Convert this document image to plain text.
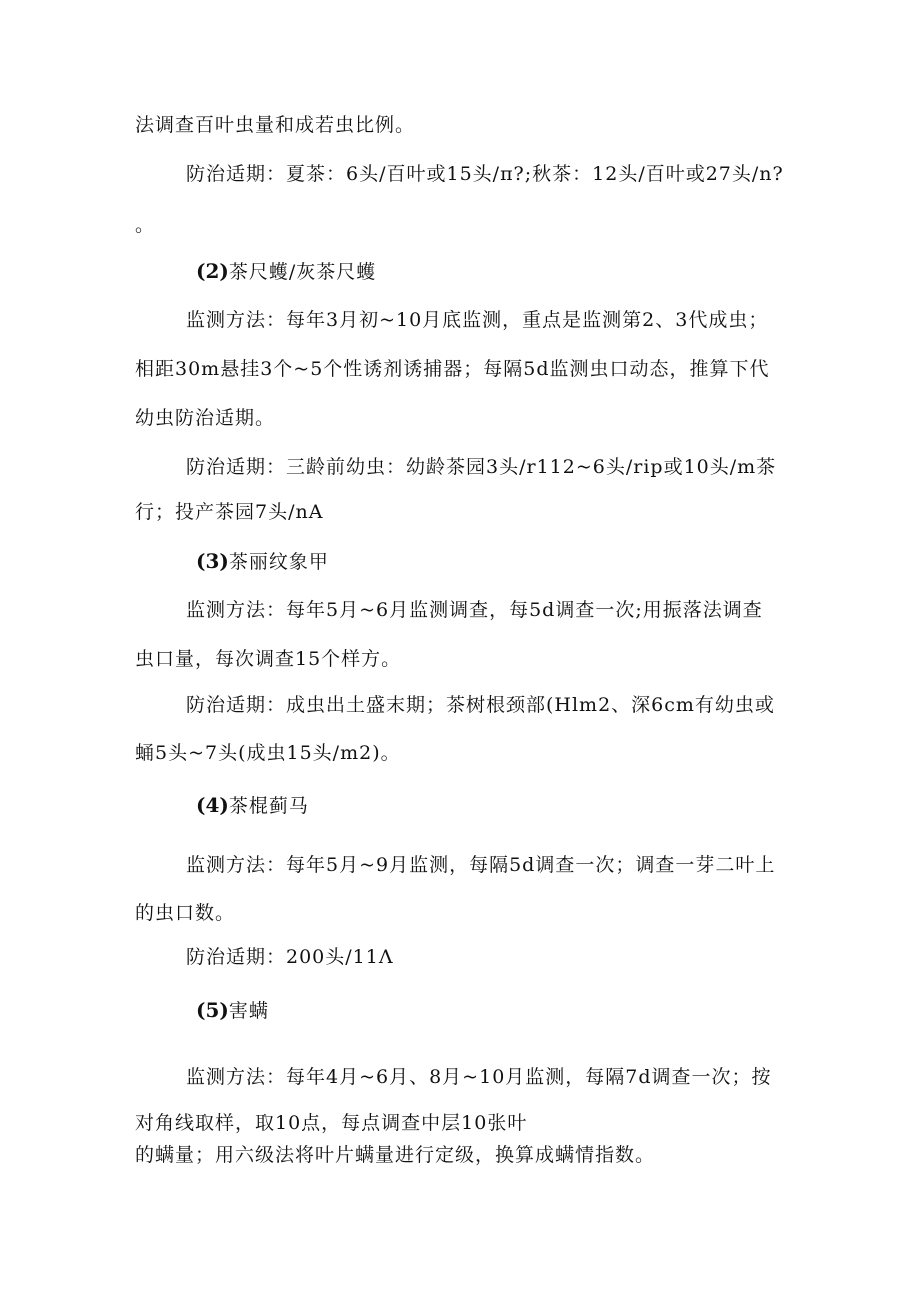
法调查百叶虫量和成若虫比例。
防治适期：夏茶：6头/百叶或15头/π?;秋茶：12头/百叶或27头/n?
。
(2)茶尺蠖/灰茶尺蠖
监测方法：每年3月初~10月底监测，重点是监测第2、3代成虫；
相距30m悬挂3个~5个性诱剂诱捕器；每隔5d监测虫口动态，推算下代
幼虫防治适期。
防治适期：三龄前幼虫：幼龄茶园3头/r112~6头/rip或10头/m茶
行；投产茶园7头/nA
(3)茶丽纹象甲
监测方法：每年5月~6月监测调查，每5d调查一次;用振落法调查
虫口量，每次调查15个样方。
防治适期：成虫出土盛末期；茶树根颈部(Hlm2、深6cm有幼虫或
蛹5头~7头(成虫15头/m2)。
(4)茶棍蓟马
监测方法：每年5月~9月监测，每隔5d调查一次；调查一芽二叶上
的虫口数。
防治适期：200头/11Λ
(5)害螨
监测方法：每年4月~6月、8月~10月监测，每隔7d调查一次；按
对角线取样，取10点，每点调查中层10张叶
的螨量；用六级法将叶片螨量进行定级，换算成螨情指数。
